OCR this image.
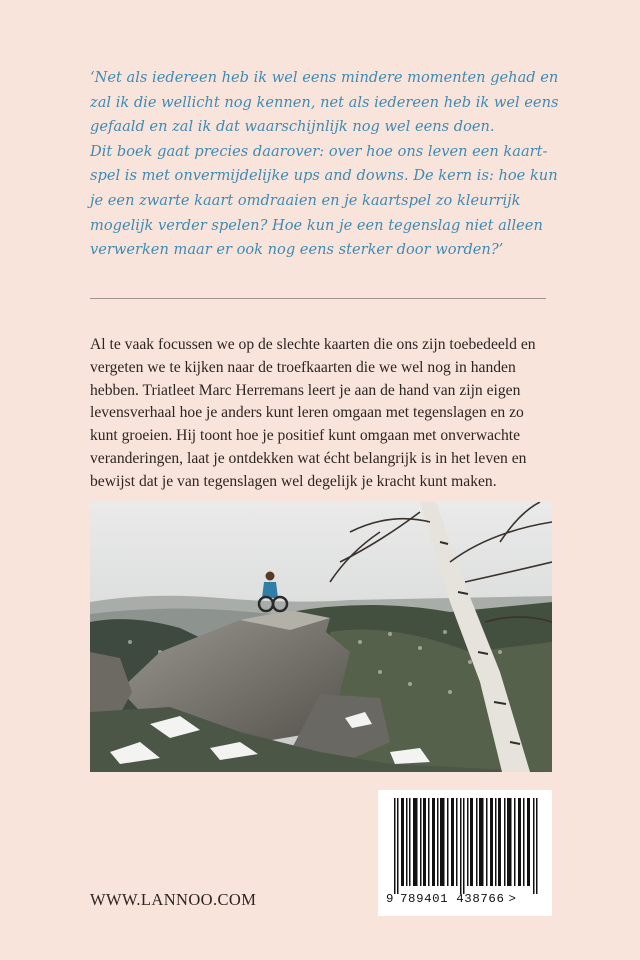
‘Net als iedereen heb ik wel eens mindere momenten gehad en
zal ik die wellicht nog kennen, net als iedereen heb ik wel eens
gefaald en zal ik dat waarschijnlijk nog wel eens doen.
Dit boek gaat precies daarover: over hoe ons leven een kaart-
spel is met onvermijdelijke ups and downs. De kern is: hoe kun
je een zwarte kaart omdraaien en je kaartspel zo kleurrijk
mogelijk verder spelen? Hoe kun je een tegenslag niet alleen
verwerken maar er ook nog eens sterker door worden?’
Al te vaak focussen we op de slechte kaarten die ons zijn toebedeeld en
vergeten we te kijken naar de troefkaarten die we wel nog in handen
hebben. Triatleet Marc Herremans leert je aan de hand van zijn eigen
levensverhaal hoe je anders kunt leren omgaan met tegenslagen en zo
kunt groeien. Hij toont hoe je positief kunt omgaan met onverwachte
veranderingen, laat je ontdekken wat écht belangrijk is in het leven en
bewijst dat je van tegenslagen wel degelijk je kracht kunt maken.
9 789401 438766 >
WWW.LANNOO.COM
